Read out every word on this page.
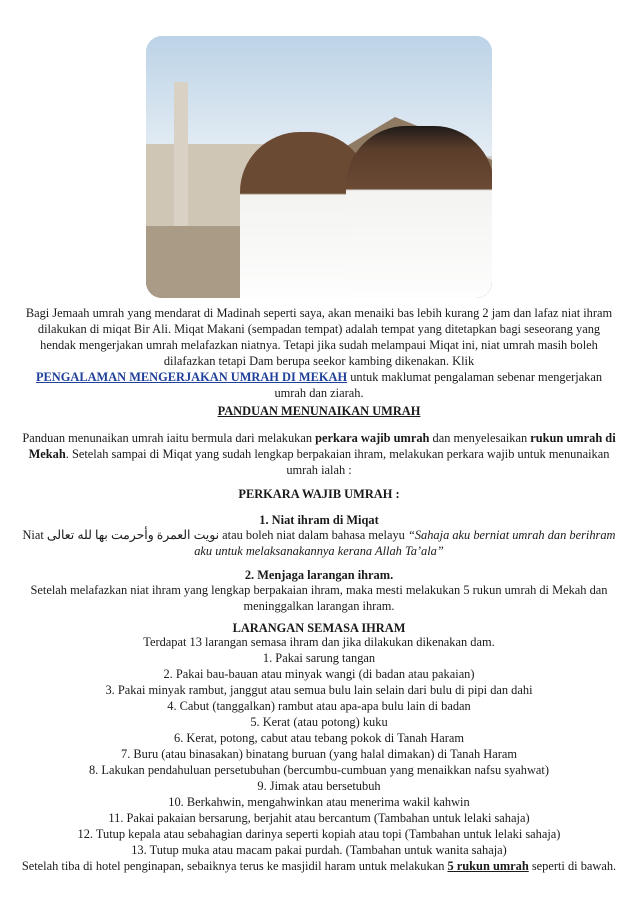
Bagi Jemaah umrah yang mendarat di Madinah seperti saya, akan menaiki bas lebih kurang 2 jam dan lafaz niat ihram dilakukan di miqat Bir Ali. Miqat Makani (sempadan tempat) adalah tempat yang ditetapkan bagi seseorang yang hendak mengerjakan umrah melafazkan niatnya. Tetapi jika sudah melampaui Miqat ini, niat umrah masih boleh dilafazkan tetapi Dam berupa seekor kambing dikenakan. Klik
PENGALAMAN MENGERJAKAN UMRAH DI MEKAH untuk maklumat pengalaman sebenar mengerjakan umrah dan ziarah.

PANDUAN MENUNAIKAN UMRAH

Panduan menunaikan umrah iaitu bermula dari melakukan perkara wajib umrah dan menyelesaikan rukun umrah di Mekah. Setelah sampai di Miqat yang sudah lengkap berpakaian ihram, melakukan perkara wajib untuk menunaikan umrah ialah :

PERKARA WAJIB UMRAH :

1. Niat ihram di Miqat

Niat نويت العمرة وأحرمت بها لله تعالى atau boleh niat dalam bahasa melayu “Sahaja aku berniat umrah dan berihram aku untuk melaksanakannya kerana Allah Ta’ala”

2. Menjaga larangan ihram.

Setelah melafazkan niat ihram yang lengkap berpakaian ihram, maka mesti melakukan 5 rukun umrah di Mekah dan meninggalkan larangan ihram.

LARANGAN SEMASA IHRAM

Terdapat 13 larangan semasa ihram dan jika dilakukan dikenakan dam.

1. Pakai sarung tangan

2. Pakai bau-bauan atau minyak wangi (di badan atau pakaian)

3. Pakai minyak rambut, janggut atau semua bulu lain selain dari bulu di pipi dan dahi

4. Cabut (tanggalkan) rambut atau apa-apa bulu lain di badan

5. Kerat (atau potong) kuku

6. Kerat, potong, cabut atau tebang pokok di Tanah Haram

7. Buru (atau binasakan) binatang buruan (yang halal dimakan) di Tanah Haram

8. Lakukan pendahuluan persetubuhan (bercumbu-cumbuan yang menaikkan nafsu syahwat)

9. Jimak atau bersetubuh

10. Berkahwin, mengahwinkan atau menerima wakil kahwin

11. Pakai pakaian bersarung, berjahit atau bercantum (Tambahan untuk lelaki sahaja)

12. Tutup kepala atau sebahagian darinya seperti kopiah atau topi (Tambahan untuk lelaki sahaja)

13. Tutup muka atau macam pakai purdah. (Tambahan untuk wanita sahaja)

Setelah tiba di hotel penginapan, sebaiknya terus ke masjidil haram untuk melakukan 5 rukun umrah seperti di bawah.
